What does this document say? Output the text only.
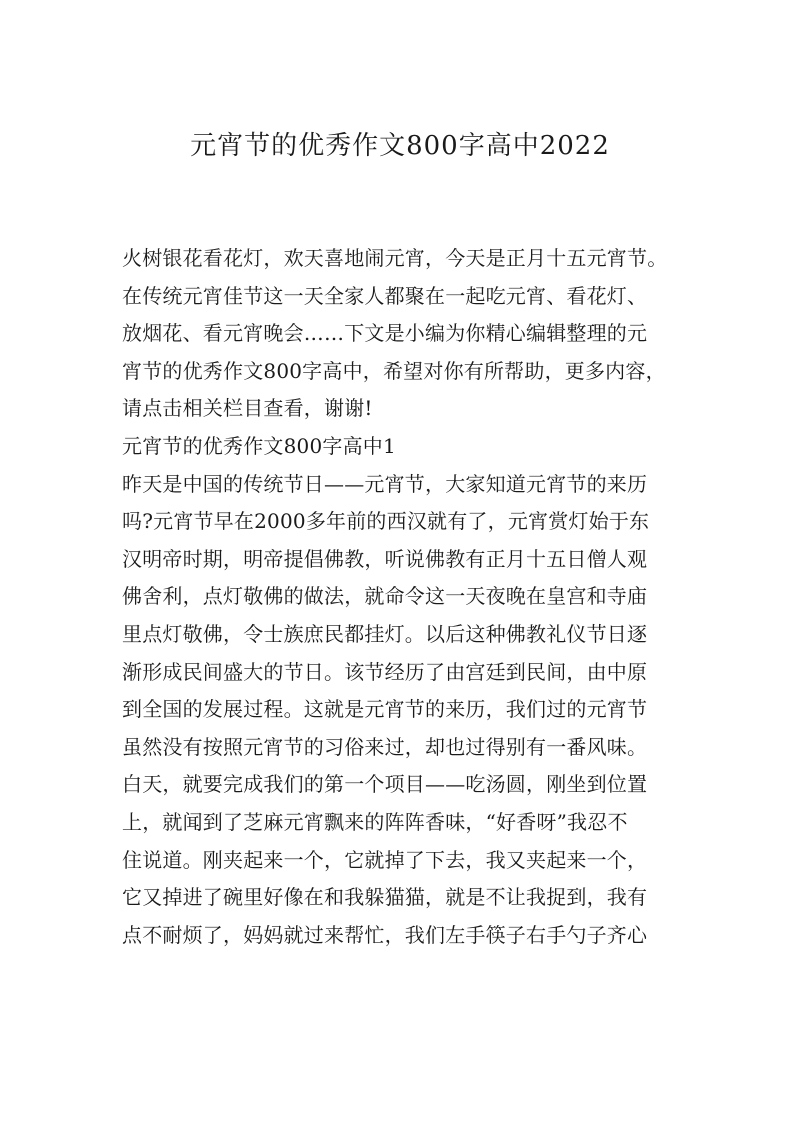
元宵节的优秀作文800字高中2022
火树银花看花灯，欢天喜地闹元宵，今天是正月十五元宵节。
在传统元宵佳节这一天全家人都聚在一起吃元宵、看花灯、
放烟花、看元宵晚会……下文是小编为你精心编辑整理的元
宵节的优秀作文800字高中，希望对你有所帮助，更多内容，
请点击相关栏目查看，谢谢!
元宵节的优秀作文800字高中1
昨天是中国的传统节日——元宵节，大家知道元宵节的来历
吗?元宵节早在2000多年前的西汉就有了，元宵赏灯始于东
汉明帝时期，明帝提倡佛教，听说佛教有正月十五日僧人观
佛舍利，点灯敬佛的做法，就命令这一天夜晚在皇宫和寺庙
里点灯敬佛，令士族庶民都挂灯。以后这种佛教礼仪节日逐
渐形成民间盛大的节日。该节经历了由宫廷到民间，由中原
到全国的发展过程。这就是元宵节的来历，我们过的元宵节
虽然没有按照元宵节的习俗来过，却也过得别有一番风味。
白天，就要完成我们的第一个项目——吃汤圆，刚坐到位置
上，就闻到了芝麻元宵飘来的阵阵香味，“好香呀”我忍不
住说道。刚夹起来一个，它就掉了下去，我又夹起来一个，
它又掉进了碗里好像在和我躲猫猫，就是不让我捉到，我有
点不耐烦了，妈妈就过来帮忙，我们左手筷子右手勺子齐心
